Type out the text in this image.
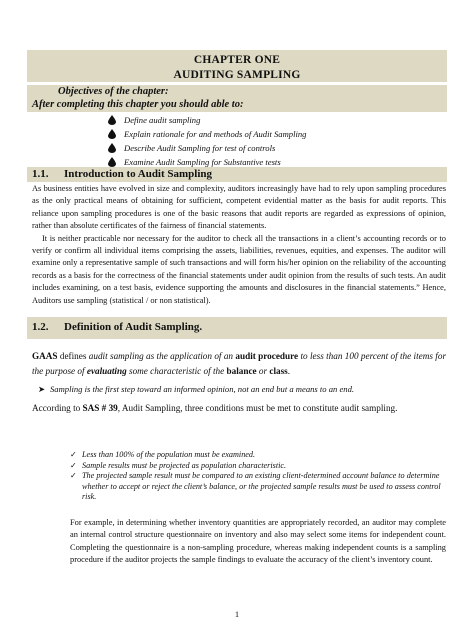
CHAPTER ONE
AUDITING SAMPLING
Objectives of the chapter:
After completing this chapter you should able to:
Define audit sampling
Explain rationale for and methods of Audit Sampling
Describe Audit Sampling for test of controls
Examine Audit Sampling for Substantive tests
1.1. Introduction to Audit Sampling

As business entities have evolved in size and complexity, auditors increasingly have had to rely upon sampling procedures as the only practical means of obtaining for sufficient, competent evidential matter as the basis for audit reports. This reliance upon sampling procedures is one of the basic reasons that audit reports are regarded as expressions of opinion, rather than absolute certificates of the fairness of financial statements.

It is neither practicable nor necessary for the auditor to check all the transactions in a client’s accounting records or to verify or confirm all individual items comprising the assets, liabilities, revenues, equities, and expenses. The auditor will examine only a representative sample of such transactions and will form his/her opinion on the reliability of the accounting records as a basis for the correctness of the financial statements under audit opinion from the results of such tests. An audit includes examining, on a test basis, evidence supporting the amounts and disclosures in the financial statements.” Hence, Auditors use sampling (statistical / or non statistical).

1.2. Definition of Audit Sampling.

GAAS defines audit sampling as the application of an audit procedure to less than 100 percent of the items for the purpose of evaluating some characteristic of the balance or class.

➤ Sampling is the first step toward an informed opinion, not an end but a means to an end.

According to SAS # 39, Audit Sampling, three conditions must be met to constitute audit sampling.

✓ Less than 100% of the population must be examined.
✓ Sample results must be projected as population characteristic.
✓ The projected sample result must be compared to an existing client-determined account balance to determine whether to accept or reject the client’s balance, or the projected sample results must be used to assess control risk.

For example, in determining whether inventory quantities are appropriately recorded, an auditor may complete an internal control structure questionnaire on inventory and also may select some items for independent count. Completing the questionnaire is a non-sampling procedure, whereas making independent counts is a sampling procedure if the auditor projects the sample findings to evaluate the accuracy of the client’s inventory count.

1
